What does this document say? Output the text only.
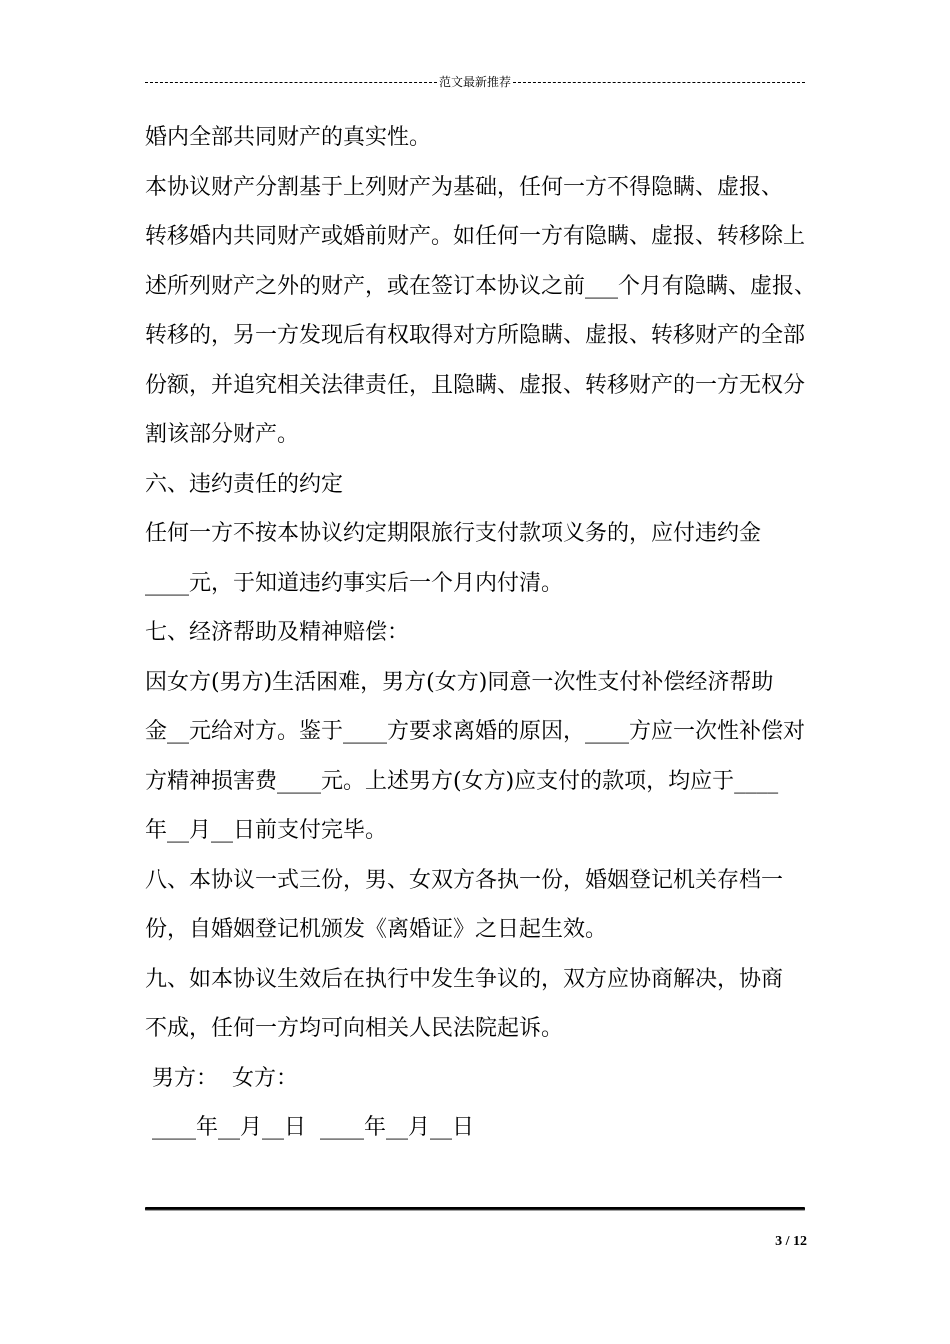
范文最新推荐

婚内全部共同财产的真实性。

本协议财产分割基于上列财产为基础，任何一方不得隐瞒、虚报、

转移婚内共同财产或婚前财产。如任何一方有隐瞒、虚报、转移除上

述所列财产之外的财产，或在签订本协议之前___个月有隐瞒、虚报、

转移的，另一方发现后有权取得对方所隐瞒、虚报、转移财产的全部

份额，并追究相关法律责任，且隐瞒、虚报、转移财产的一方无权分

割该部分财产。

六、违约责任的约定

任何一方不按本协议约定期限旅行支付款项义务的，应付违约金

____元，于知道违约事实后一个月内付清。

七、经济帮助及精神赔偿：

因女方(男方)生活困难，男方(女方)同意一次性支付补偿经济帮助

金__元给对方。鉴于____方要求离婚的原因，____方应一次性补偿对

方精神损害费____元。上述男方(女方)应支付的款项，均应于____

年__月__日前支付完毕。

八、本协议一式三份，男、女双方各执一份，婚姻登记机关存档一

份，自婚姻登记机颁发《离婚证》之日起生效。

九、如本协议生效后在执行中发生争议的，双方应协商解决，协商

不成，任何一方均可向相关人民法院起诉。

男方：  女方：

____年__月__日  ____年__月__日

3 / 12
